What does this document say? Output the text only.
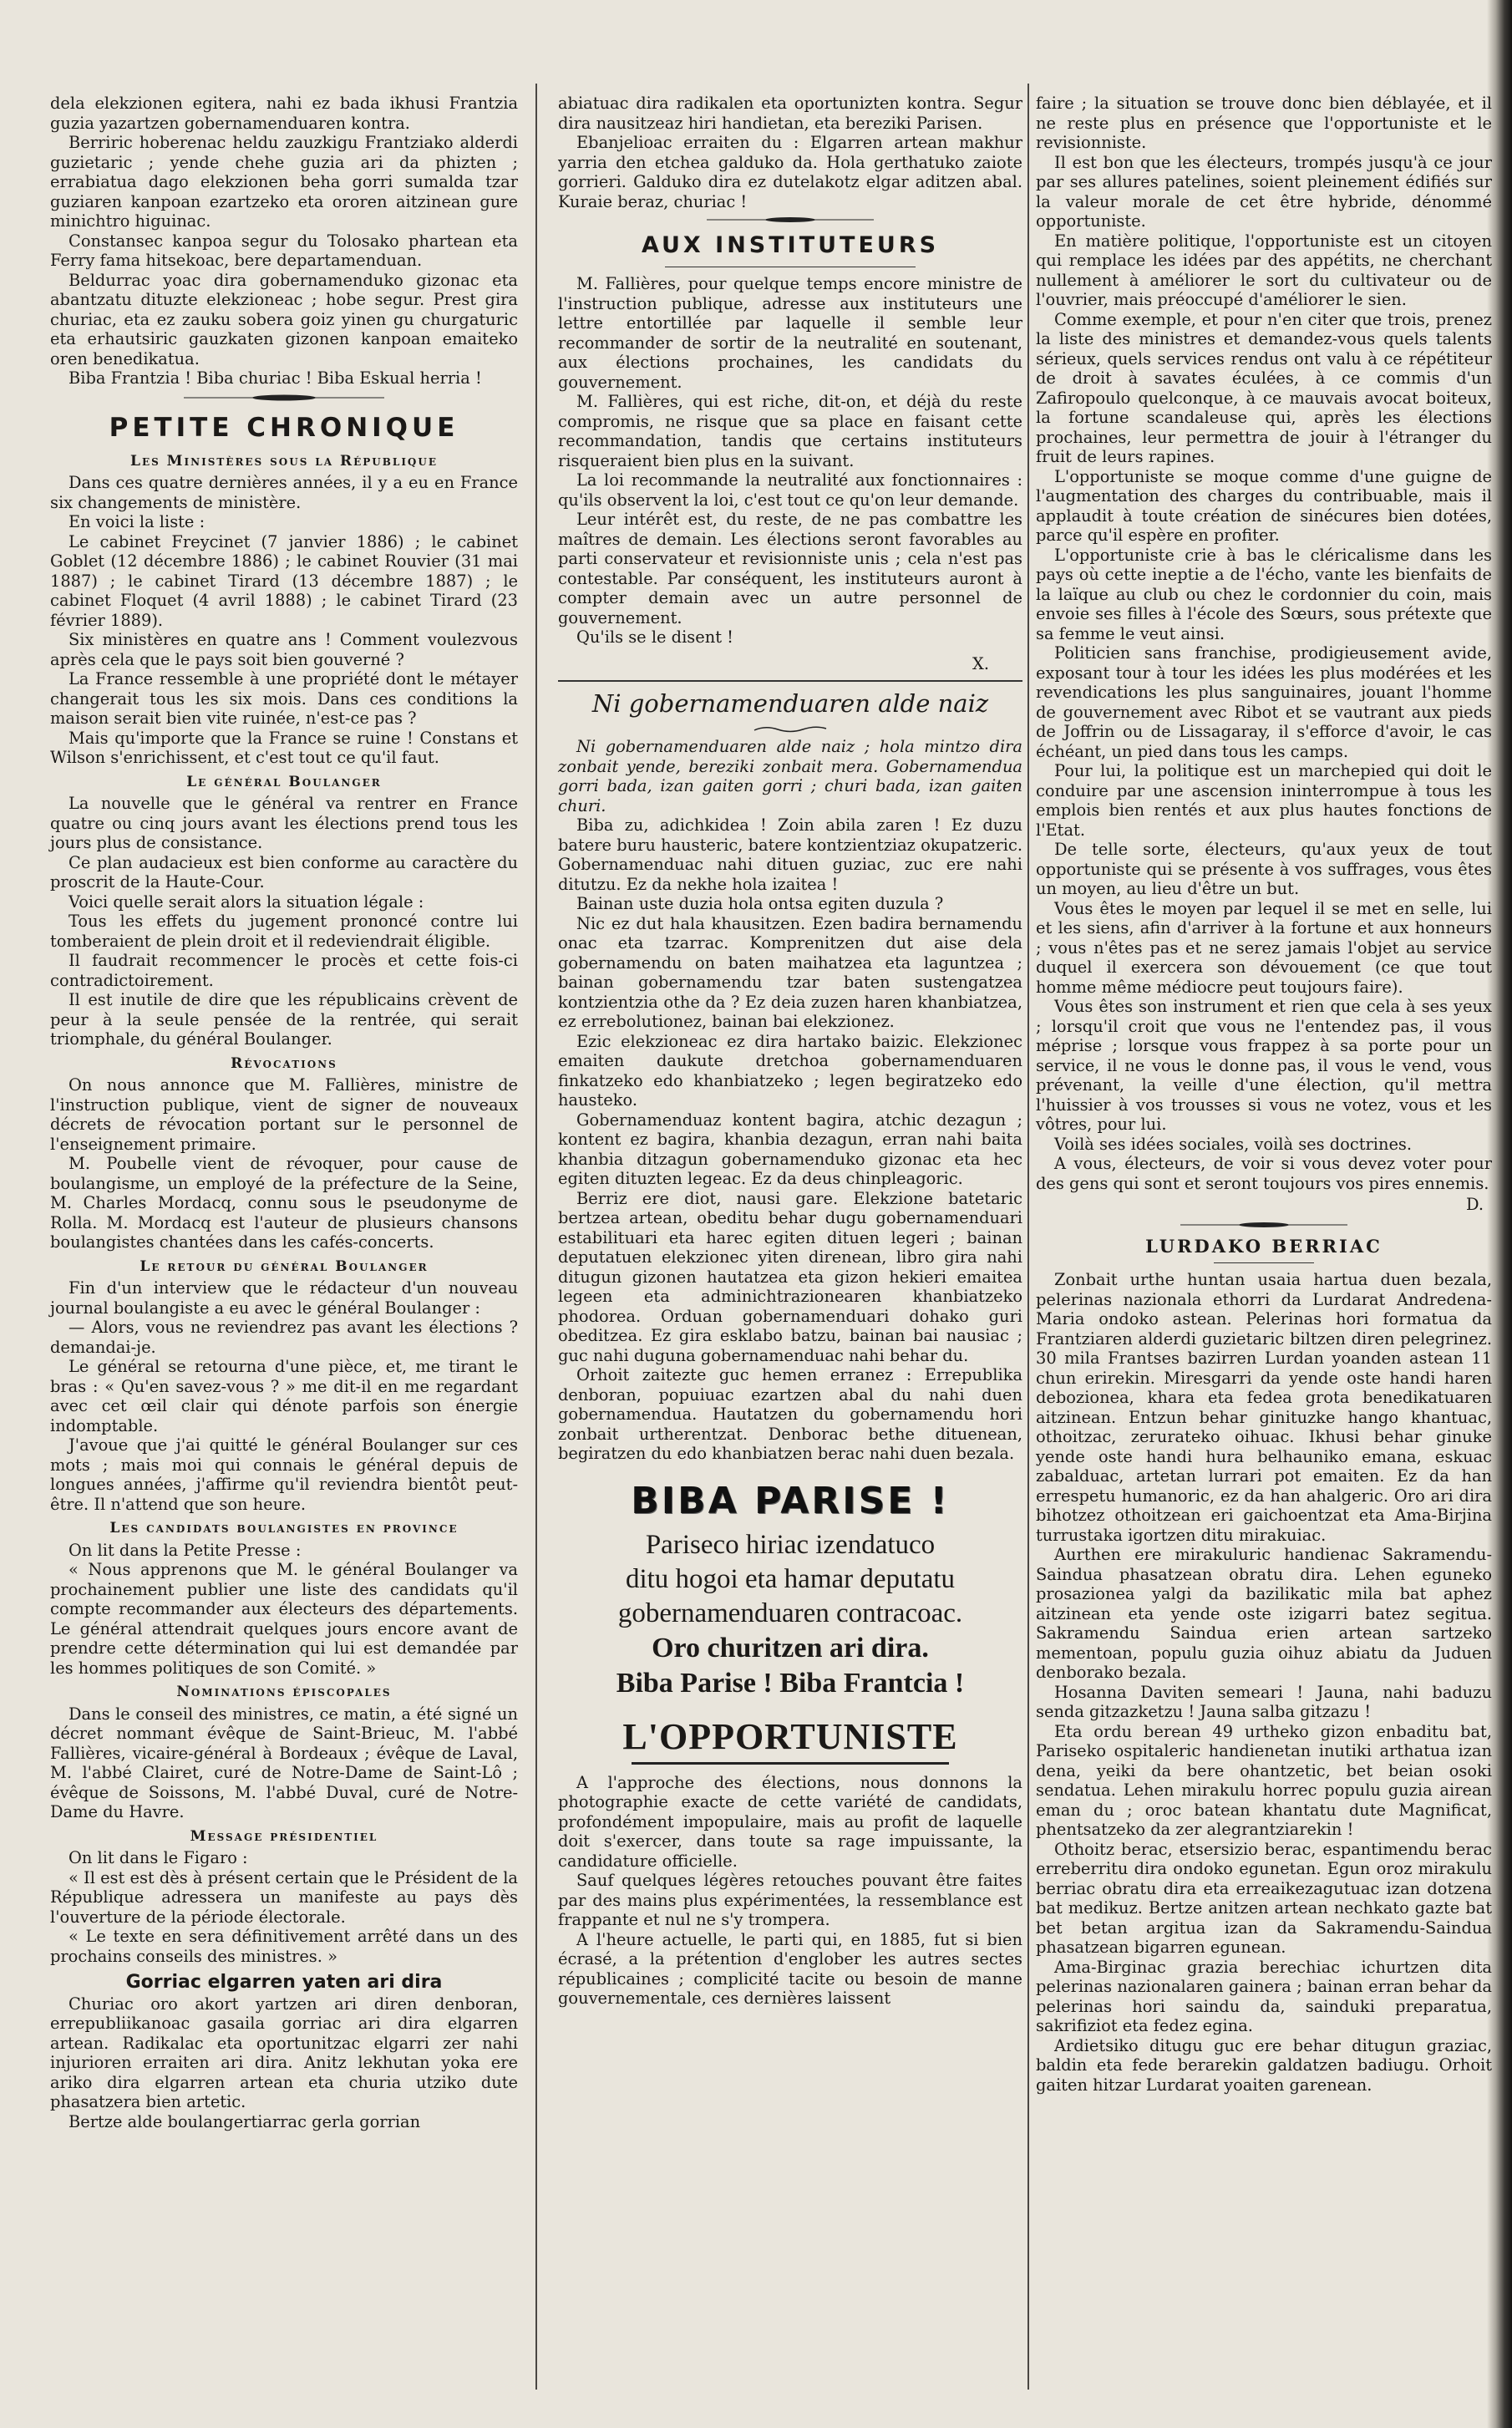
dela elekzionen egitera, nahi ez bada ikhusi Frantzia guzia yazartzen gobernamenduaren kontra.

Berriric hoberenac heldu zauzkigu Frantziako alderdi guzietaric ; yende chehe guzia ari da phizten ; errabiatua dago elekzionen beha gorri sumalda tzar guziaren kanpoan ezartzeko eta ororen aitzinean gure minichtro higuinac.

Constansec kanpoa segur du Tolosako phartean eta Ferry fama hitsekoac, bere departamenduan.

Beldurrac yoac dira gobernamenduko gizonac eta abantzatu dituzte elekzioneac ; hobe segur. Prest gira churiac, eta ez zauku sobera goiz yinen gu churgaturic eta erhautsiric gauzkaten gizonen kanpoan emaiteko oren benedikatua.

Biba Frantzia ! Biba churiac ! Biba Eskual herria !

PETITE CHRONIQUE
Les Ministères sous la République

Dans ces quatre dernières années, il y a eu en France six changements de ministère.

En voici la liste :

Le cabinet Freycinet (7 janvier 1886) ; le cabinet Goblet (12 décembre 1886) ; le cabinet Rouvier (31 mai 1887) ; le cabinet Tirard (13 décembre 1887) ; le cabinet Floquet (4 avril 1888) ; le cabinet Tirard (23 février 1889).

Six ministères en quatre ans ! Comment voulezvous après cela que le pays soit bien gouverné ?

La France ressemble à une propriété dont le métayer changerait tous les six mois. Dans ces conditions la maison serait bien vite ruinée, n'est-ce pas ?

Mais qu'importe que la France se ruine ! Constans et Wilson s'enrichissent, et c'est tout ce qu'il faut.

Le général Boulanger

La nouvelle que le général va rentrer en France quatre ou cinq jours avant les élections prend tous les jours plus de consistance.

Ce plan audacieux est bien conforme au caractère du proscrit de la Haute-Cour.

Voici quelle serait alors la situation légale :

Tous les effets du jugement prononcé contre lui tomberaient de plein droit et il redeviendrait éligible.

Il faudrait recommencer le procès et cette fois-ci contradictoirement.

Il est inutile de dire que les républicains crèvent de peur à la seule pensée de la rentrée, qui serait triomphale, du général Boulanger.

Révocations

On nous annonce que M. Fallières, ministre de l'instruction publique, vient de signer de nouveaux décrets de révocation portant sur le personnel de l'enseignement primaire.

M. Poubelle vient de révoquer, pour cause de boulangisme, un employé de la préfecture de la Seine, M. Charles Mordacq, connu sous le pseudonyme de Rolla. M. Mordacq est l'auteur de plusieurs chansons boulangistes chantées dans les cafés-concerts.

Le retour du général Boulanger

Fin d'un interview que le rédacteur d'un nouveau journal boulangiste a eu avec le général Boulanger :

— Alors, vous ne reviendrez pas avant les élections ? demandai-je.

Le général se retourna d'une pièce, et, me tirant le bras : « Qu'en savez-vous ? » me dit-il en me regardant avec cet œil clair qui dénote parfois son énergie indomptable.

J'avoue que j'ai quitté le général Boulanger sur ces mots ; mais moi qui connais le général depuis de longues années, j'affirme qu'il reviendra bientôt peut-être. Il n'attend que son heure.

Les candidats boulangistes en province

On lit dans la Petite Presse :

« Nous apprenons que M. le général Boulanger va prochainement publier une liste des candidats qu'il compte recommander aux électeurs des départements. Le général attendrait quelques jours encore avant de prendre cette détermination qui lui est demandée par les hommes politiques de son Comité. »

Nominations épiscopales

Dans le conseil des ministres, ce matin, a été signé un décret nommant évêque de Saint-Brieuc, M. l'abbé Fallières, vicaire-général à Bordeaux ; évêque de Laval, M. l'abbé Clairet, curé de Notre-Dame de Saint-Lô ; évêque de Soissons, M. l'abbé Duval, curé de Notre-Dame du Havre.

Message présidentiel

On lit dans le Figaro :

« Il est est dès à présent certain que le Président de la République adressera un manifeste au pays dès l'ouverture de la période électorale.

« Le texte en sera définitivement arrêté dans un des prochains conseils des ministres. »

Gorriac elgarren yaten ari dira

Churiac oro akort yartzen ari diren denboran, errepubliikanoac gasaila gorriac ari dira elgarren artean. Radikalac eta oportunitzac elgarri zer nahi injurioren erraiten ari dira. Anitz lekhutan yoka ere ariko dira elgarren artean eta churia utziko dute phasatzera bien artetic.

Bertze alde boulangertiarrac gerla gorrian

abiatuac dira radikalen eta oportunizten kontra. Segur dira nausitzeaz hiri handietan, eta bereziki Parisen.

Ebanjelioac erraiten du : Elgarren artean makhur yarria den etchea galduko da. Hola gerthatuko zaiote gorrieri. Galduko dira ez dutelakotz elgar aditzen abal. Kuraie beraz, churiac !

AUX INSTITUTEURS

M. Fallières, pour quelque temps encore ministre de l'instruction publique, adresse aux instituteurs une lettre entortillée par laquelle il semble leur recommander de sortir de la neutralité en soutenant, aux élections prochaines, les candidats du gouvernement.

M. Fallières, qui est riche, dit-on, et déjà du reste compromis, ne risque que sa place en faisant cette recommandation, tandis que certains instituteurs risqueraient bien plus en la suivant.

La loi recommande la neutralité aux fonctionnaires : qu'ils observent la loi, c'est tout ce qu'on leur demande.

Leur intérêt est, du reste, de ne pas combattre les maîtres de demain. Les élections seront favorables au parti conservateur et revisionniste unis ; cela n'est pas contestable. Par conséquent, les instituteurs auront à compter demain avec un autre personnel de gouvernement.

Qu'ils se le disent !

X.
Ni gobernamenduaren alde naiz

Ni gobernamenduaren alde naiz ; hola mintzo dira zonbait yende, bereziki zonbait mera. Gobernamendua gorri bada, izan gaiten gorri ; churi bada, izan gaiten churi.

Biba zu, adichkidea ! Zoin abila zaren ! Ez duzu batere buru hausteric, batere kontzientziaz okupatzeric. Gobernamenduac nahi dituen guziac, zuc ere nahi ditutzu. Ez da nekhe hola izaitea !

Bainan uste duzia hola ontsa egiten duzula ?

Nic ez dut hala khausitzen. Ezen badira bernamendu onac eta tzarrac. Komprenitzen dut aise dela gobernamendu on baten maihatzea eta laguntzea ; bainan gobernamendu tzar baten sustengatzea kontzientzia othe da ? Ez deia zuzen haren khanbiatzea, ez errebolutionez, bainan bai elekzionez.

Ezic elekzioneac ez dira hartako baizic. Elekzionec emaiten daukute dretchoa gobernamenduaren finkatzeko edo khanbiatzeko ; legen begiratzeko edo hausteko.

Gobernamenduaz kontent bagira, atchic dezagun ; kontent ez bagira, khanbia dezagun, erran nahi baita khanbia ditzagun gobernamenduko gizonac eta hec egiten dituzten legeac. Ez da deus chinpleagoric.

Berriz ere diot, nausi gare. Elekzione batetaric bertzea artean, obeditu behar dugu gobernamenduari estabilituari eta harec egiten dituen legeri ; bainan deputatuen elekzionec yiten direnean, libro gira nahi ditugun gizonen hautatzea eta gizon hekieri emaitea legeen eta adminichtrazionearen khanbiatzeko phodorea. Orduan gobernamenduari dohako guri obeditzea. Ez gira esklabo batzu, bainan bai nausiac ; guc nahi duguna gobernamenduac nahi behar du.

Orhoit zaitezte guc hemen erranez : Errepublika denboran, popuiuac ezartzen abal du nahi duen gobernamendua. Hautatzen du gobernamendu hori zonbait urtherentzat. Denborac bethe dituenean, begiratzen du edo khanbiatzen berac nahi duen bezala.

BIBA PARISE !
Pariseco hiriac izendatuco
ditu hogoi eta hamar deputatu
gobernamenduaren contracoac.
Oro churitzen ari dira.
Biba Parise ! Biba Frantcia !
L'OPPORTUNISTE

A l'approche des élections, nous donnons la photographie exacte de cette variété de candidats, profondément impopulaire, mais au profit de laquelle doit s'exercer, dans toute sa rage impuissante, la candidature officielle.

Sauf quelques légères retouches pouvant être faites par des mains plus expérimentées, la ressemblance est frappante et nul ne s'y trompera.

A l'heure actuelle, le parti qui, en 1885, fut si bien écrasé, a la prétention d'englober les autres sectes républicaines ; complicité tacite ou besoin de manne gouvernementale, ces dernières laissent

faire ; la situation se trouve donc bien déblayée, et il ne reste plus en présence que l'opportuniste et le revisionniste.

Il est bon que les électeurs, trompés jusqu'à ce jour par ses allures patelines, soient pleinement édifiés sur la valeur morale de cet être hybride, dénommé opportuniste.

En matière politique, l'opportuniste est un citoyen qui remplace les idées par des appétits, ne cherchant nullement à améliorer le sort du cultivateur ou de l'ouvrier, mais préoccupé d'améliorer le sien.

Comme exemple, et pour n'en citer que trois, prenez la liste des ministres et demandez-vous quels talents sérieux, quels services rendus ont valu à ce répétiteur de droit à savates éculées, à ce commis d'un Zafiropoulo quelconque, à ce mauvais avocat boiteux, la fortune scandaleuse qui, après les élections prochaines, leur permettra de jouir à l'étranger du fruit de leurs rapines.

L'opportuniste se moque comme d'une guigne de l'augmentation des charges du contribuable, mais il applaudit à toute création de sinécures bien dotées, parce qu'il espère en profiter.

L'opportuniste crie à bas le cléricalisme dans les pays où cette ineptie a de l'écho, vante les bienfaits de la laïque au club ou chez le cordonnier du coin, mais envoie ses filles à l'école des Sœurs, sous prétexte que sa femme le veut ainsi.

Politicien sans franchise, prodigieusement avide, exposant tour à tour les idées les plus modérées et les revendications les plus sanguinaires, jouant l'homme de gouvernement avec Ribot et se vautrant aux pieds de Joffrin ou de Lissagaray, il s'efforce d'avoir, le cas échéant, un pied dans tous les camps.

Pour lui, la politique est un marchepied qui doit le conduire par une ascension ininterrompue à tous les emplois bien rentés et aux plus hautes fonctions de l'Etat.

De telle sorte, électeurs, qu'aux yeux de tout opportuniste qui se présente à vos suffrages, vous êtes un moyen, au lieu d'être un but.

Vous êtes le moyen par lequel il se met en selle, lui et les siens, afin d'arriver à la fortune et aux honneurs ; vous n'êtes pas et ne serez jamais l'objet au service duquel il exercera son dévouement (ce que tout homme même médiocre peut toujours faire).

Vous êtes son instrument et rien que cela à ses yeux ; lorsqu'il croit que vous ne l'entendez pas, il vous méprise ; lorsque vous frappez à sa porte pour un service, il ne vous le donne pas, il vous le vend, vous prévenant, la veille d'une élection, qu'il mettra l'huissier à vos trousses si vous ne votez, vous et les vôtres, pour lui.

Voilà ses idées sociales, voilà ses doctrines.

A vous, électeurs, de voir si vous devez voter pour des gens qui sont et seront toujours vos pires ennemis.

D.
LURDAKO BERRIAC

Zonbait urthe huntan usaia hartua duen bezala, pelerinas nazionala ethorri da Lurdarat Andredena-Maria ondoko astean. Pelerinas hori formatua da Frantziaren alderdi guzietaric biltzen diren pelegrinez. 30 mila Frantses bazirren Lurdan yoanden astean 11 chun erirekin. Miresgarri da yende oste handi haren debozionea, khara eta fedea grota benedikatuaren aitzinean. Entzun behar ginituzke hango khantuac, othoitzac, zerurateko oihuac. Ikhusi behar ginuke yende oste handi hura belhauniko emana, eskuac zabalduac, artetan lurrari pot emaiten. Ez da han errespetu humanoric, ez da han ahalgeric. Oro ari dira bihotzez othoitzean eri gaichoentzat eta Ama-Birjina turrustaka igortzen ditu mirakuiac.

Aurthen ere mirakuluric handienac Sakramendu-Saindua phasatzean obratu dira. Lehen eguneko prosazionea yalgi da bazilikatic mila bat aphez aitzinean eta yende oste izigarri batez segitua. Sakramendu Saindua erien artean sartzeko mementoan, populu guzia oihuz abiatu da Juduen denborako bezala.

Hosanna Daviten semeari ! Jauna, nahi baduzu senda gitzazketzu ! Jauna salba gitzazu !

Eta ordu berean 49 urtheko gizon enbaditu bat, Pariseko ospitaleric handienetan inutiki arthatua izan dena, yeiki da bere ohantzetic, bet beian osoki sendatua. Lehen mirakulu horrec populu guzia airean eman du ; oroc batean khantatu dute Magnificat, phentsatzeko da zer alegrantziarekin !

Othoitz berac, etsersizio berac, espantimendu berac erreberritu dira ondoko egunetan. Egun oroz mirakulu berriac obratu dira eta erreaikezagutuac izan dotzena bat medikuz. Bertze anitzen artean nechkato gazte bat bet betan argitua izan da Sakramendu-Saindua phasatzean bigarren egunean.

Ama-Birginac grazia berechiac ichurtzen dita pelerinas nazionalaren gainera ; bainan erran behar da pelerinas hori saindu da, sainduki preparatua, sakrifiziot eta fedez egina.

Ardietsiko ditugu guc ere behar ditugun graziac, baldin eta fede berarekin galdatzen badiugu. Orhoit gaiten hitzar Lurdarat yoaiten garenean.
